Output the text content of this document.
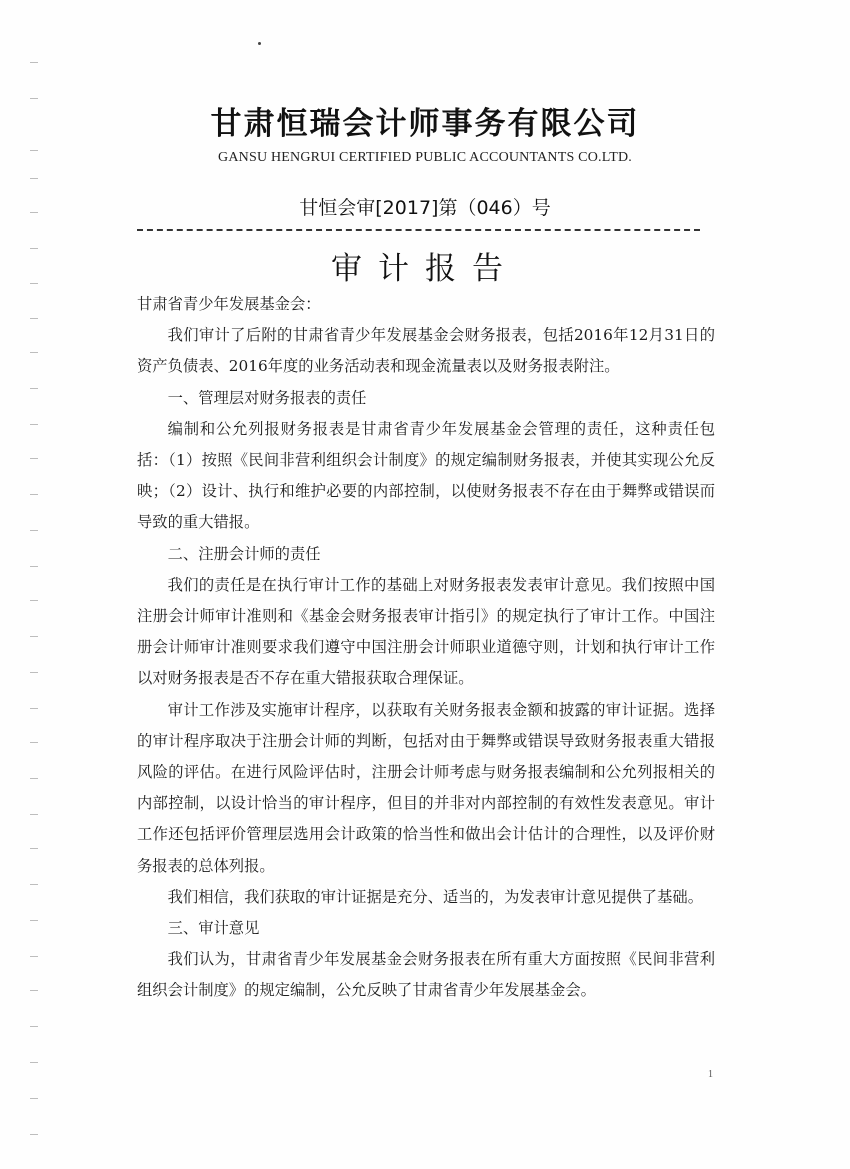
甘肃恒瑞会计师事务有限公司
GANSU HENGRUI CERTIFIED PUBLIC ACCOUNTANTS CO.LTD.
甘恒会审[2017]第（046）号
审计报告

甘肃省青少年发展基金会：

我们审计了后附的甘肃省青少年发展基金会财务报表，包括2016年12月31日的资产负债表、2016年度的业务活动表和现金流量表以及财务报表附注。

一、管理层对财务报表的责任

编制和公允列报财务报表是甘肃省青少年发展基金会管理的责任，这种责任包括：（1）按照《民间非营利组织会计制度》的规定编制财务报表，并使其实现公允反映；（2）设计、执行和维护必要的内部控制，以使财务报表不存在由于舞弊或错误而导致的重大错报。

二、注册会计师的责任

我们的责任是在执行审计工作的基础上对财务报表发表审计意见。我们按照中国注册会计师审计准则和《基金会财务报表审计指引》的规定执行了审计工作。中国注册会计师审计准则要求我们遵守中国注册会计师职业道德守则，计划和执行审计工作以对财务报表是否不存在重大错报获取合理保证。

审计工作涉及实施审计程序，以获取有关财务报表金额和披露的审计证据。选择的审计程序取决于注册会计师的判断，包括对由于舞弊或错误导致财务报表重大错报风险的评估。在进行风险评估时，注册会计师考虑与财务报表编制和公允列报相关的内部控制，以设计恰当的审计程序，但目的并非对内部控制的有效性发表意见。审计工作还包括评价管理层选用会计政策的恰当性和做出会计估计的合理性，以及评价财务报表的总体列报。

我们相信，我们获取的审计证据是充分、适当的，为发表审计意见提供了基础。

三、审计意见

我们认为，甘肃省青少年发展基金会财务报表在所有重大方面按照《民间非营利组织会计制度》的规定编制，公允反映了甘肃省青少年发展基金会。

1
